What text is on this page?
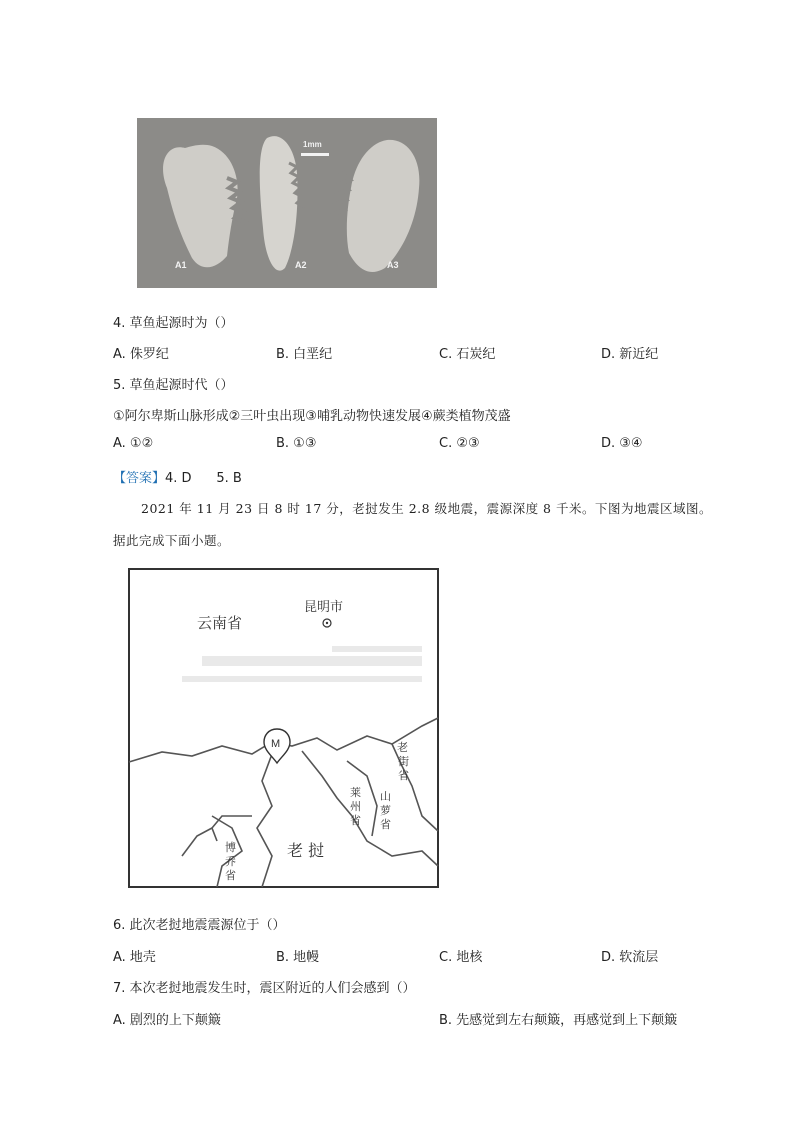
1mm
A1	A2	A3
4. 草鱼起源时为（）
A. 侏罗纪	B. 白垩纪	C. 石炭纪	D. 新近纪
5. 草鱼起源时代（）
①阿尔卑斯山脉形成②三叶虫出现③哺乳动物快速发展④蕨类植物茂盛
A. ①②	B. ①③	C. ②③	D. ③④
【答案】4. D      5. B
2021 年 11 月 23 日 8 时 17 分，老挝发生 2.8 级地震，震源深度 8 千米。下图为地震区域图。
据此完成下面小题。
昆明市
云南省
M
老 挝
老
街
省
莱
州
省
山
萝
省
博
乔
省
6. 此次老挝地震震源位于（）
A. 地壳	B. 地幔	C. 地核	D. 软流层
7. 本次老挝地震发生时，震区附近的人们会感到（）
A. 剧烈的上下颠簸	B. 先感觉到左右颠簸，再感觉到上下颠簸
